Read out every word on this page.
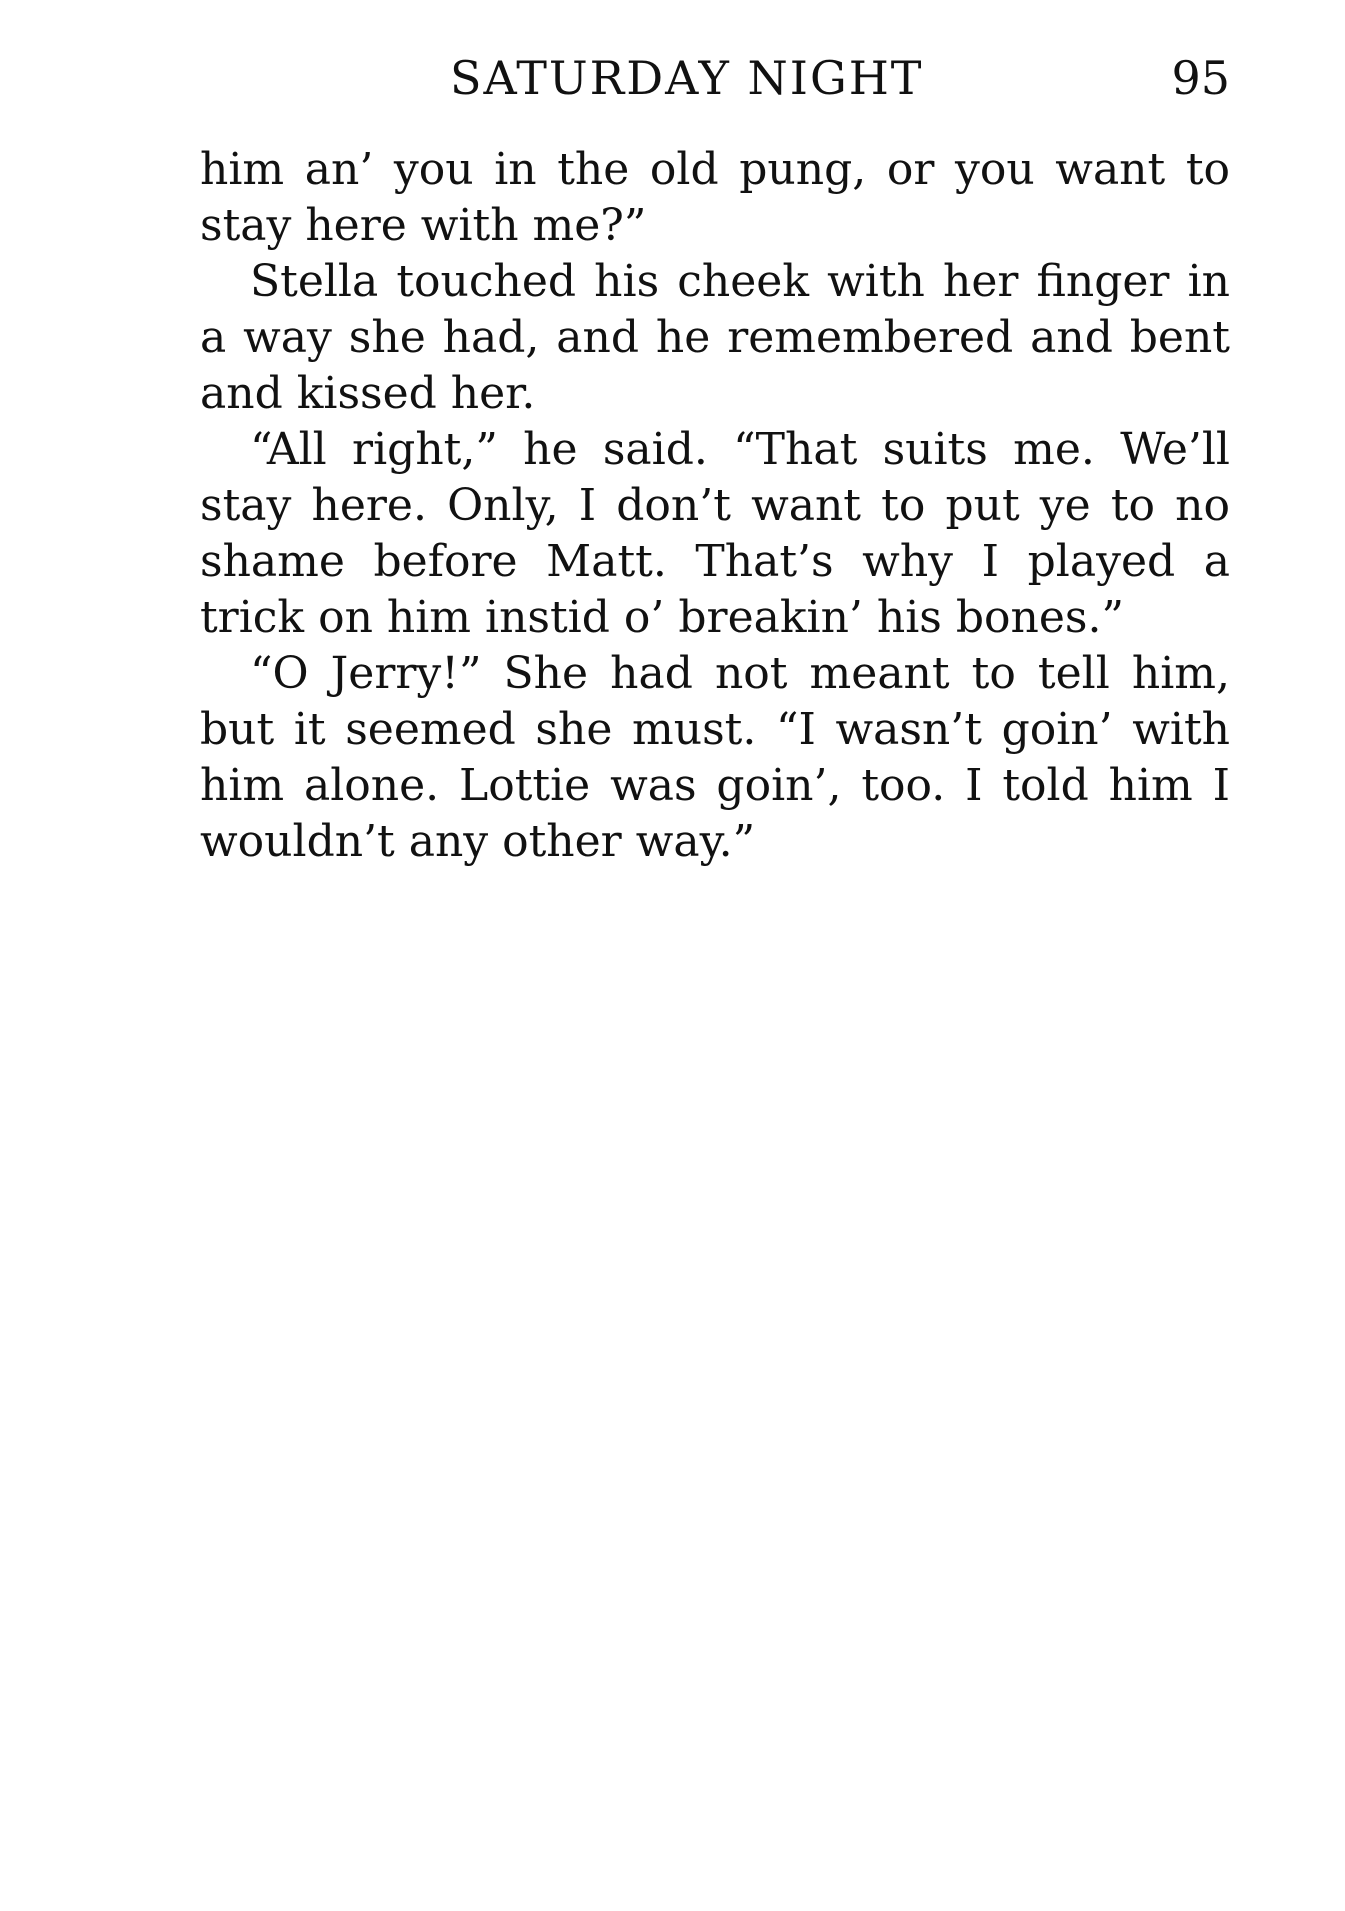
SATURDAY NIGHT	95

him an’ you in the old pung, or you want to stay here with me?”

Stella touched his cheek with her finger in a way she had, and he remembered and bent and kissed her.

“All right,” he said. “That suits me. We’ll stay here. Only, I don’t want to put ye to no shame before Matt. That’s why I played a trick on him instid o’ breakin’ his bones.”

“O Jerry!” She had not meant to tell him, but it seemed she must. “I wasn’t goin’ with him alone. Lottie was goin’, too. I told him I wouldn’t any other way.”
